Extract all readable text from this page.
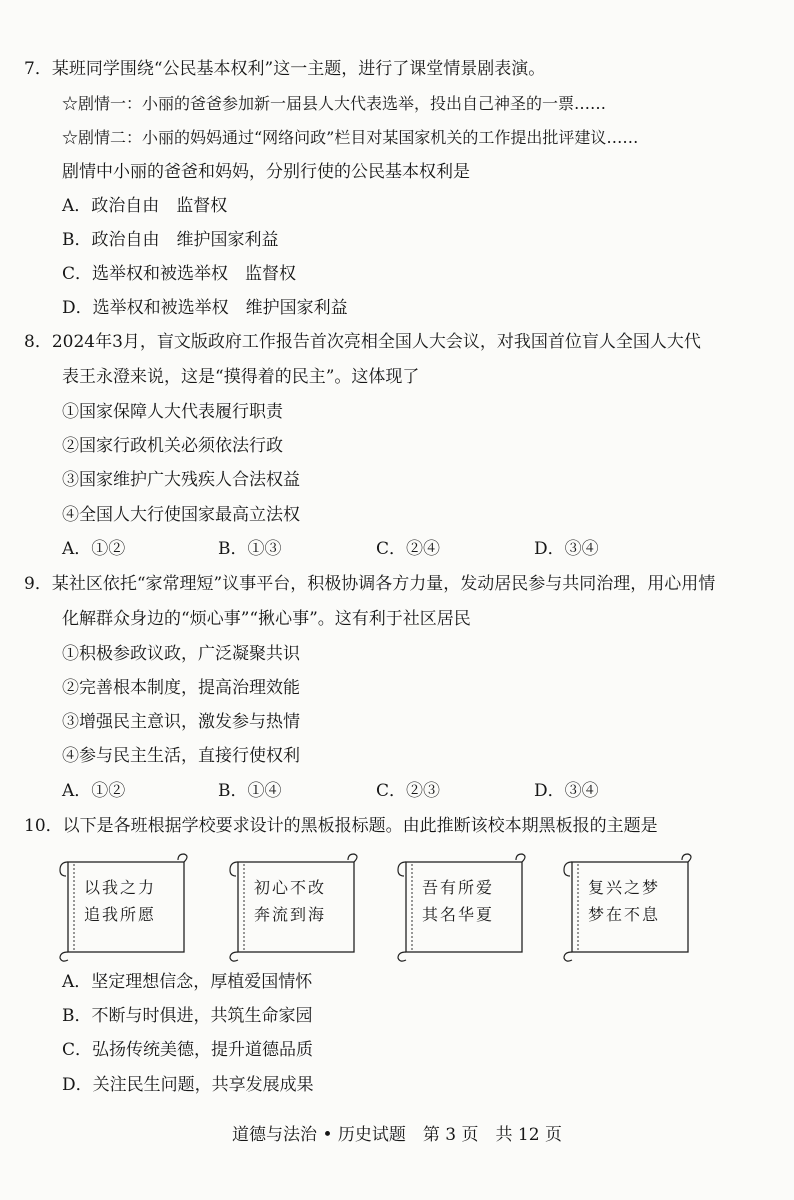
7．某班同学围绕“公民基本权利”这一主题，进行了课堂情景剧表演。
☆剧情一：小丽的爸爸参加新一届县人大代表选举，投出自己神圣的一票……
☆剧情二：小丽的妈妈通过“网络问政”栏目对某国家机关的工作提出批评建议……
剧情中小丽的爸爸和妈妈，分别行使的公民基本权利是
A．政治自由　监督权
B．政治自由　维护国家利益
C．选举权和被选举权　监督权
D．选举权和被选举权　维护国家利益
8．2024年3月，盲文版政府工作报告首次亮相全国人大会议，对我国首位盲人全国人大代
表王永澄来说，这是“摸得着的民主”。这体现了
①国家保障人大代表履行职责
②国家行政机关必须依法行政
③国家维护广大残疾人合法权益
④全国人大行使国家最高立法权
A．①②	B．①③	C．②④	D．③④
9．某社区依托“家常理短”议事平台，积极协调各方力量，发动居民参与共同治理，用心用情
化解群众身边的“烦心事”“揪心事”。这有利于社区居民
①积极参政议政，广泛凝聚共识
②完善根本制度，提高治理效能
③增强民主意识，激发参与热情
④参与民主生活，直接行使权利
A．①②	B．①④	C．②③	D．③④
10．以下是各班根据学校要求设计的黑板报标题。由此推断该校本期黑板报的主题是
以我之力
追我所愿
初心不改
奔流到海
吾有所爱
其名华夏
复兴之梦
梦在不息
A．坚定理想信念，厚植爱国情怀
B．不断与时俱进，共筑生命家园
C．弘扬传统美德，提升道德品质
D．关注民生问题，共享发展成果
道德与法治 • 历史试题　第 3 页　共 12 页
